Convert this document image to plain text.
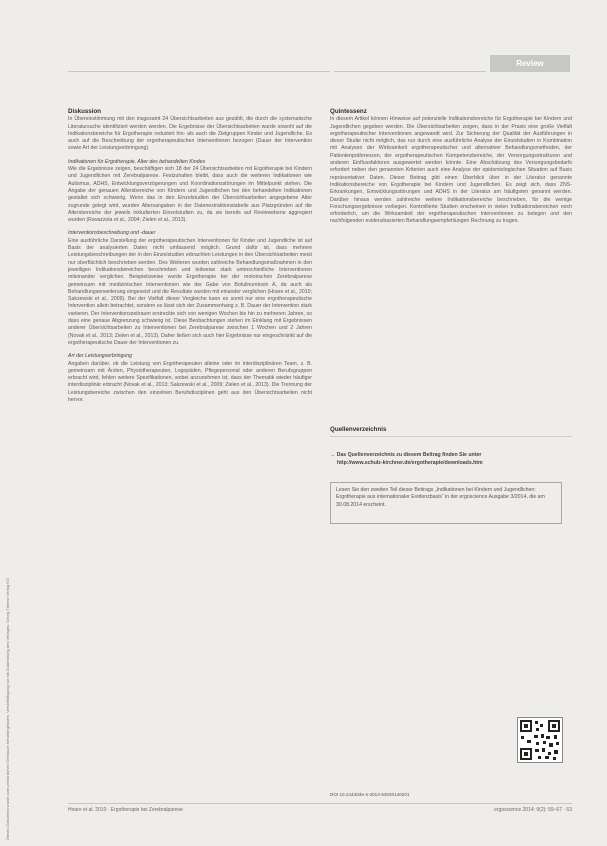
Dieses Dokument wurde zum persönlichen Gebrauch heruntergeladen. Vervielfältigung nur mit Zustimmung des Verlages. Georg Thieme Verlag KG
Review
Diskussion

In Übereinstimmung mit den insgesamt 24 Übersichtsarbeiten aus gezählt, die durch die systematische Literatursuche identifiziert werden werden. Die Ergebnisse der Übersichtsarbeiten wurde sowohl auf die Indikationsbereiche für Ergotherapie reduziert hin- als auch die Zielgruppen Kinder und Jugendliche. Es auch auf die Beschreibung der ergotherapeutischen Interventionen bezogen (Dauer der Intervention sowie Art der Leistungserbringung).

Indikationen für Ergotherapie, Alter des behandelten Kindes

Wie die Ergebnisse zeigen, beschäftigen sich 18 der 24 Übersichtsarbeiten mit Ergotherapie bei Kindern und Jugendlichen mit Zerebralparese. Festzuhalten bleibt, dass auch die weiteren Indikationen wie Autismus, ADHS, Entwicklungsverzögerungen und Koordinationsstörungen im Mittelpunkt stehen. Die Angabe der genauen Altersbereiche von Kindern und Jugendlichen bei den behandelten Indikationen gestaltet sich schwierig. Wenn das in den Einzelstudien der Übersichtsarbeiten angegebene Alter zugrunde gelegt wird, wurden Altersangaben in der Datenextraktionstabelle aus Platzgründen auf die Altersbereiche der jeweils inkludierten Einzelstudien zu, da sie bereits auf Reviewebene aggregiert wurden (Ravazzola et al., 2004; Zielen et al., 2013).

Interventionsbeschreibung und -dauer

Eine ausführliche Darstellung der ergotherapeutischen Interventionen für Kinder und Jugendliche ist auf Basis der analysierten Daten nicht umfassend möglich. Grund dafür ist, dass mehrere Leistungsbeschreibungen der in den Einzelstudien erbrachten Leistungen in den Übersichtsarbeiten meist nur oberflächlich beschrieben werden. Des Weiteren wurden zahlreiche Behandlungsmaßnahmen in den jeweiligen Indikationsbereichen beschrieben und teilweise stark unterschiedliche Interventionen miteinander verglichen. Beispielsweise wurde Ergotherapie bei der motorischen Zerebralparese gemeinsam mit medizinischen Interventionen wie der Gabe von Botulinumtoxin A, da auch als Behandlungserweiterung eingesetzt und die Resultate wurden mit einander verglichen (Hoare et al., 2010; Sakzewski et al., 2009). Bei der Vielfalt dieser Vergleiche kann es somit nur eine ergotherapeutische Intervention allein betrachtet, sondern es lässt sich der Zusammenhang z. B. Dauer der Intervention stark variieren. Der Interventionszeitraum erstreckte sich von wenigen Wochen bis hin zu mehreren Jahren, so dass eine genaue Abgrenzung schwierig ist. Diese Beobachtungen stehen im Einklang mit Ergebnissen anderer Übersichtsarbeiten zu Interventionen bei Zerebralparese zwischen 1 Wochen und 2 Jahren (Novak et al., 2013; Zielen et al., 2013). Daher ließen sich auch hier Ergebnisse nur eingeschränkt auf die ergotherapeutische Dauer der Interventionen zu.

Art der Leistungserbringung

Angaben darüber, ob die Leistung von Ergotherapeuten alleine oder im interdisziplinären Team, z. B. gemeinsam mit Ärzten, Physiotherapeuten, Logopäden, Pflegepersonal oder anderen Berufsgruppen erbracht wird, fehlen weitere Spezifikationen, wobei anzunehmen ist, dass der Thematik wieder häufiger interdisziplinär erbracht (Novak et al., 2013; Sakzewski et al., 2009; Zielen et al., 2013). Die Trennung der Leistungsbereiche zwischen den einzelnen Berufsdisziplinen geht aus den Übersichtsarbeiten nicht hervor.

Quintessenz

In diesem Artikel können Hinweise auf potenzielle Indikationsbereiche für Ergotherapie bei Kindern und Jugendlichen gegeben werden. Die Übersichtsarbeiten zeigen, dass in der Praxis eine große Vielfalt ergotherapeutischer Interventionen angewandt wird. Zur Sicherung der Qualität der Ausführungen in dieser Studie nicht möglich, das nur durch eine ausführliche Analyse der Einzelstudien in Kombination mit Analysen der Wirksamkeit ergotherapeutischer und alternativer Behandlungsmethoden, der Patientenpräferenzen, der ergotherapeutischen Kompetenzbereiche, der Versorgungsstrukturen und anderen Einflussfaktoren ausgewertet werden könnte. Eine Abschätzung des Versorgungsbedarfs erfordert neben den genannten Kriterien auch eine Analyse der epidemiologischen Situation auf Basis repräsentativer Daten. Dieser Beitrag gibt einen Überblick über in der Literatur genannte Indikationsbereiche von Ergotherapie bei Kindern und Jugendlichen. Es zeigt sich, dass ZNS-Erkrankungen, Entwicklungsstörungen und ADHS in der Literatur am häufigsten genannt werden. Darüber hinaus werden zahlreiche weitere Indikationsbereiche beschrieben, für die wenige Forschungsergebnisse vorliegen. Kontrollierte Studien erscheinen in vielen Indikationsbereichen noch erforderlich, um die Wirksamkeit der ergotherapeutischen Interventionen zu belegen und den nachfolgenden evidenzbasierten Behandlungsempfehlungen Rechnung zu tragen.

Quellenverzeichnis
→ Das Quellenverzeichnis zu diesem Beitrag finden Sie unter
http://www.schulz-kirchner.de/ergotherapie/downloads.htm
Lesen Sie den zweiten Teil dieser Beitrags „Indikationen bei Kindern und Jugendlichen: Ergotherapie aus internationaler Evidenzbasis“ in der ergoscience Ausgabe 3/2014, die am 30.08.2014 erscheint.
DOI 10.2443/skv-s-2014-53020140201
Hoare et al. 2010 · Ergotherapie bei Zerebralparese	ergoscience 2014; 9(2): 59–67 · 63
